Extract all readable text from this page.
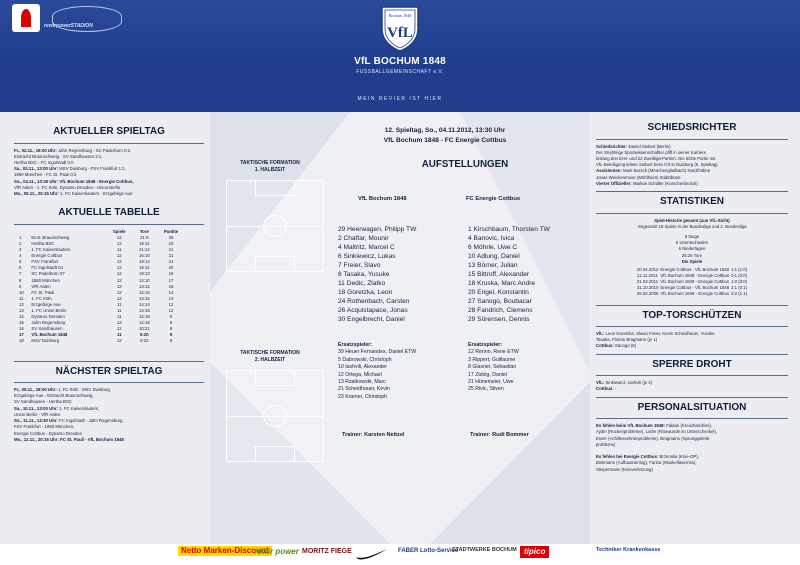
rewirpowerSTADION
Bochum 1848
VfL
VfL BOCHUM 1848
FUSSBALLGEMEINSCHAFT e.V.
MEIN REVIER IST HIER
AKTUELLER SPIELTAG
Fr., 02.11., 18:00 Uhr: Jahn Regensburg - SC Paderborn 0:2,
Eintracht Braunschweig - SV Sandhausen 2:1,
Hertha BSC - FC Ingolstadt 0:0
Sa., 03.11., 13:00 Uhr: MSV Duisburg - FSV Frankfurt 1:2,
1860 München - FC St. Pauli 0:2
So., 04.11., 13:30 Uhr: VfL Bochum 1848 - Energie Cottbus,
VfR Aalen - 1. FC Köln, Dynamo Dresden - Union Berlin
Mo., 05.11., 20:15 Uhr: 1. FC Kaiserslautern - Erzgebirge Aue
AKTUELLE TABELLE
		Spiele	Tore	Punkte
1	Eintr. Braunschweig	12	21:5	30
2	Hertha BSC	12	19:11	23
3	1. FC Kaiserslautern	11	21:14	21
4	Energie Cottbus	12	16:10	21
5	FSV Frankfurt	12	18:14	21
6	FC Ingolstadt 04	12	15:11	20
7	SC Paderborn 07	12	19:13	18
8	1860 München	12	14:10	17
9	VfR Aalen	12	13:12	16
10	FC St. Pauli	12	12:15	14
11	1. FC Köln	12	13:15	13
12	Erzgebirge Aue	11	14:14	12
13	1. FC Union Berlin	11	14:16	12
14	Dynamo Dresden	11	12:18	9
15	Jahn Regensburg	12	12:18	9
16	SV Sandhausen	12	10:21	9
17	VfL Bochum 1848	11	6:20	9
18	MSV Duisburg	12	9:23	8
NÄCHSTER SPIELTAG
Fr., 09.11., 18:00 Uhr: 1. FC Köln - MSV Duisburg,
Erzgebirge Aue - Eintracht Braunschweig,
SV Sandhausen - Hertha BSC
Sa., 10.11., 13:00 Uhr: 1. FC Kaiserslautern,
Union Berlin - VfR Aalen
So., 11.11., 13:30 Uhr: FC Ingolstadt - Jahn Regensburg,
FSV Frankfurt - 1860 München,
Energie Cottbus - Dynamo Dresden
Mo., 12.11., 20:15 Uhr: FC St. Pauli - VfL Bochum 1848
TAKTISCHE FORMATION
1. HALBZEIT
TAKTISCHE FORMATION
2. HALBZEIT
12. Spieltag, So., 04.11.2012, 13:30 Uhr
VfL Bochum 1848 - FC Energie Cottbus
AUFSTELLUNGEN
VfL Bochum 1848	FC Energie Cottbus
29 Heerwagen, Philipp TW
2 Chaftar, Mounir
4 Maltritz, Marcel C
6 Sinkiewicz, Lukas
7 Freier, Slavo
8 Tasaka, Yusuke
11 Dedic, Zlatko
18 Goretzka, Leon
24 Rothenbach, Carsten
26 Acquistapace, Jonas
30 Engelbrecht, Daniel
1 Kirschbaum, Thorsten TW
4 Banovic, Ivica
6 Möhrle, Uwe C
10 Adlung, Daniel
13 Börner, Julian
15 Bittroff, Alexander
18 Kruska, Marc Andre
20 Engel, Konstantin
27 Sanogo, Boubacar
28 Fandrich, Clemens
29 Sörensen, Dennis
Ersatzspieler:
39 Heuer Fernandes, Daniel ETW
5 Dabrowski, Christoph
10 Iashvili, Alexander
12 Ortega, Michael
13 Rzatkowski, Marc
21 Scheidhauer, Kevin
23 Kramer, Christoph
Ersatzspieler:
12 Renno, Rene ETW
3 Rippert, Guillaume
8 Glasner, Sebastian
17 Ziebig, Daniel
21 Hünemeier, Uwe
25 Rivic, Stiven
Trainer: Karsten Neitzel	Trainer: Rudi Bommer
SCHIEDSRICHTER
Schiedsrichter: Daniel Siebert (Berlin)
Der 28-jährige Sportwissenschaftler pfiff in seiner Karriere
bislang drei Erst- und 22 Zweitliga-Partien. Die letzte Partie mit
VfL-Beteiligung leitete Siebert beim 0:0 in Duisburg (6. Spieltag).
Assistenten: Mark Borsch (Mönchengladbach) Nordrhübne
Jonas Weickenmeier (Mühlheim) Südtribüne
Vierter Offizieller: Markus Schüller (Korschenbroich)
STATISTIKEN
Spiel-Historie gesamt (aus VfL-Sicht)
Insgesamt 18 Spiele in der Bundesliga und 2. Bundesliga
6 Siege
6 Unentschieden
6 Niederlagen
25:25 Tore
Die Spiele
20.04.2012	Energie Cottbus - VfL Bochum 1848	1:1 (1:0)
21.11.2011	VfL Bochum 1848 - Energie Cottbus	0:1 (0:0)
21.03.2011	VfL Bochum 1848 - Energie Cottbus	1:0 (0:0)
31.10.2010	Energie Cottbus - VfL Bochum 1848	2:1 (0:1)
28.02.2009	VfL Bochum 1848 - Energie Cottbus	3:2 (1:1)
TOP-TORSCHÜTZEN
VfL: Leon Goretzka, Slawo Freier, Kevin Scheidhauer, Yusuke
Tasaka, Florian Brügmann (je 1)
Cottbus: Sanogo (6)
SPERRE DROHT
VfL: Sinkiewicz, Iashvili (je 4)
Cottbus: -
PERSONALSITUATION
Es fehlen beim VfL Bochum 1848: Fabian (Kreuzbandriss),
Aydin (Rückenprobleme), Luthe (Risswunde im Unterschenkel),
Esser (Achillessehnenprobleme), Brügmann (Sprunggelenk-
probleme)

Es fehlen bei Energie Cottbus: Brzenska (Knie-OP),
Binkmann (Aufbautraining), Farina (Muskelfaserriss),
Stiepermann (Knieverletzung)
Netto Marken-Discount
rewir power MORITZ FIEGE	FABER Lotto-Service
STADTWERKE BOCHUM tipico	Techniker Krankenkasse
